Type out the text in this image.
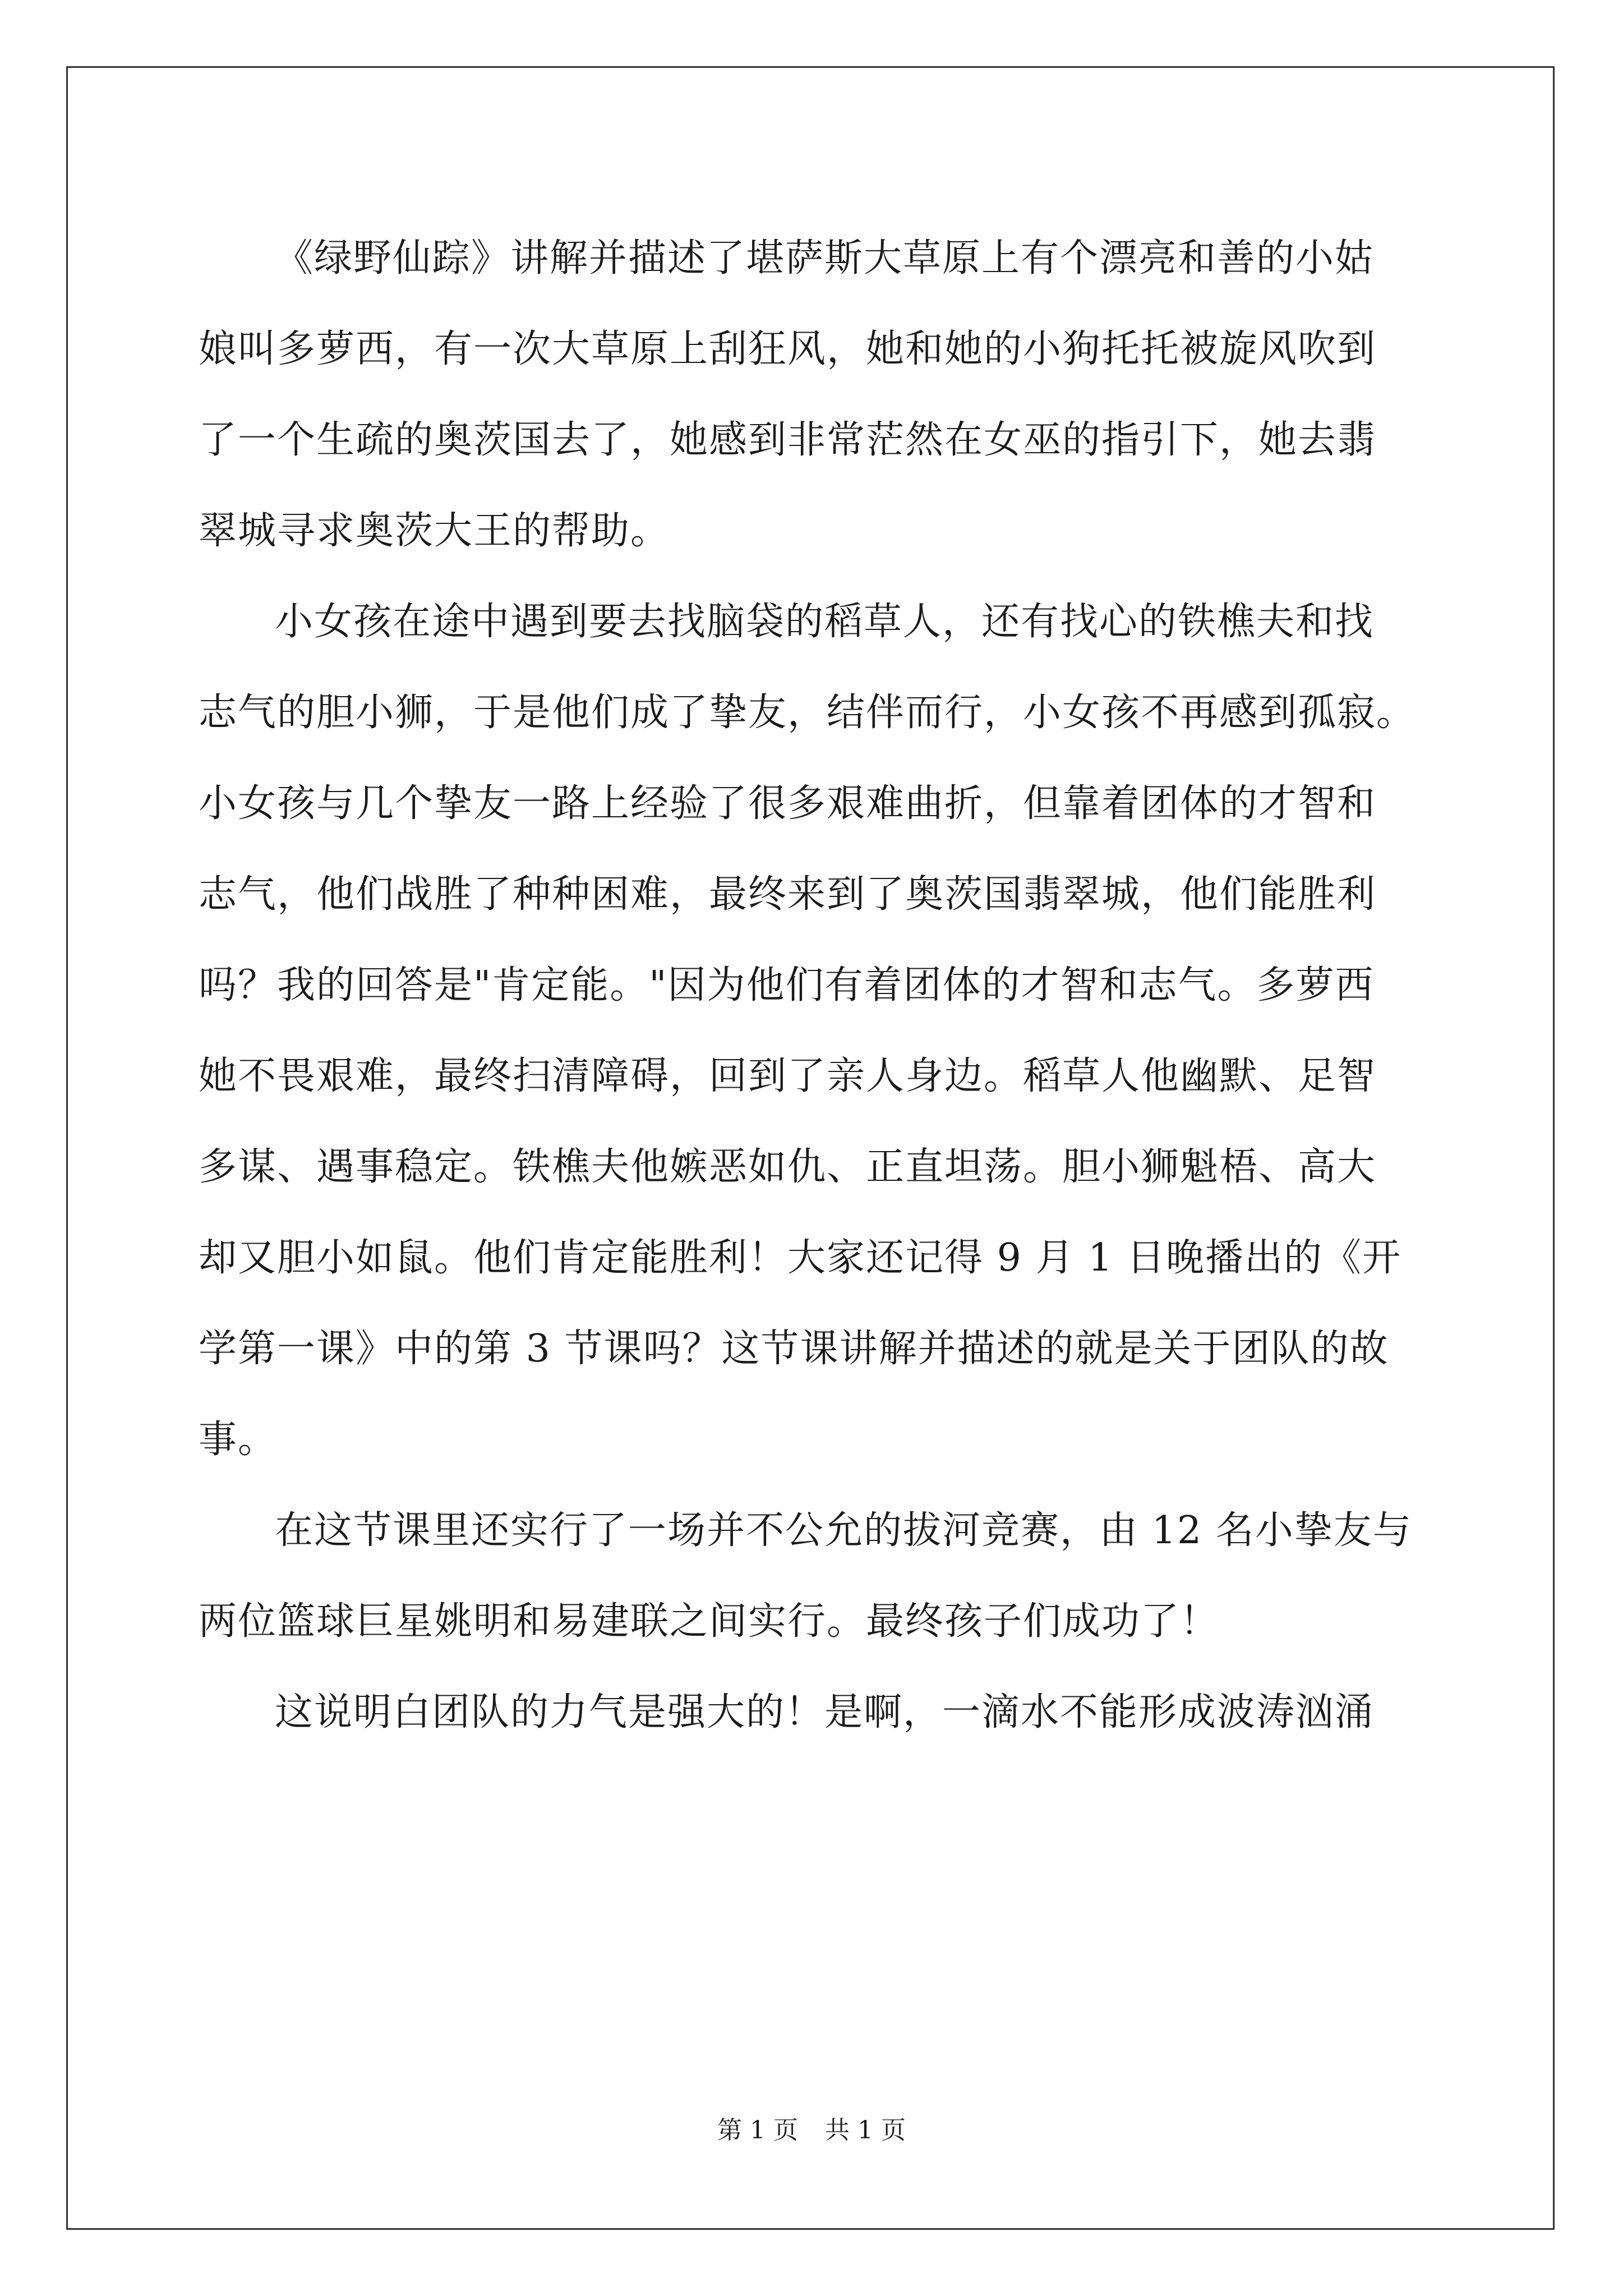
《绿野仙踪》讲解并描述了堪萨斯大草原上有个漂亮和善的小姑
娘叫多萝西，有一次大草原上刮狂风，她和她的小狗托托被旋风吹到
了一个生疏的奥茨国去了，她感到非常茫然在女巫的指引下，她去翡
翠城寻求奥茨大王的帮助。
小女孩在途中遇到要去找脑袋的稻草人，还有找心的铁樵夫和找
志气的胆小狮，于是他们成了挚友，结伴而行，小女孩不再感到孤寂。
小女孩与几个挚友一路上经验了很多艰难曲折，但靠着团体的才智和
志气，他们战胜了种种困难，最终来到了奥茨国翡翠城，他们能胜利
吗？我的回答是"肯定能。"因为他们有着团体的才智和志气。多萝西
她不畏艰难，最终扫清障碍，回到了亲人身边。稻草人他幽默、足智
多谋、遇事稳定。铁樵夫他嫉恶如仇、正直坦荡。胆小狮魁梧、高大
却又胆小如鼠。他们肯定能胜利！大家还记得 9 月 1 日晚播出的《开
学第一课》中的第 3 节课吗？这节课讲解并描述的就是关于团队的故
事。
在这节课里还实行了一场并不公允的拔河竞赛，由 12 名小挚友与
两位篮球巨星姚明和易建联之间实行。最终孩子们成功了！
这说明白团队的力气是强大的！是啊，一滴水不能形成波涛汹涌
第 1 页 共 1 页
